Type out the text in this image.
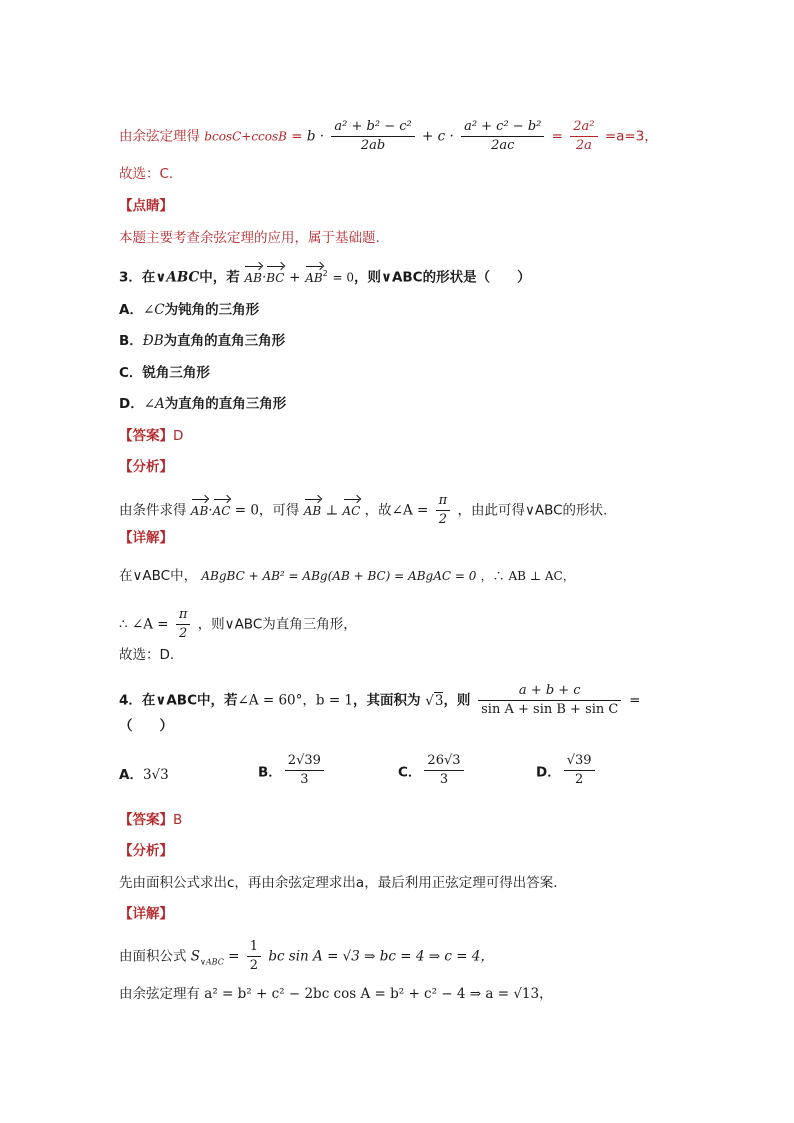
由余弦定理得 $bcosC+ccosB = b \cdot \frac{\text{a² + b² − c²}}{2ab} + c \cdot \frac{\text{a² + c² − b²}}{2ac} = \frac{\text{2a²}}{2a} =a=3$，
故选：C.
【点睛】
本题主要考查余弦定理的应用，属于基础题.
3．在∨ABC中，若 $AB\cdot BC + AB^2 = 0$，则∨ABC的形状是（　　）
A．∠C为钝角的三角形
B．ÐB为直角的直角三角形
C．锐角三角形
D．∠A为直角的直角三角形
【答案】D
【分析】
由条件求得 AB·AC = 0，可得 AB ⊥ AC ，故∠A = $\frac{\pi}{2}$ ，由此可得∨ABC的形状.
【详解】
在∨ABC中， ABgBC + AB² = ABg(AB + BC) = ABgAC = 0 ，∴ AB ⊥ AC，
∴ ∠A = $\frac{\pi}{2}$ ，则∨ABC为直角三角形，
故选：D.
4．在∨ABC中，若∠A = 60°，b = 1，其面积为 √3，则 $\frac{a + b + c}{\text{sin A + sin B + sin C}}$ =
（　　）
A．3√3	B． $\frac{2√39}{3}$	C． $\frac{26√3}{3}$	D． $\frac{√39}{2}$
【答案】B
【分析】
先由面积公式求出c，再由余弦定理求出a，最后利用正弦定理可得出答案.
【详解】
由面积公式 $S_{\vee ABC} = \frac{1}{2}$ bc sin A = √3 ⇒ bc = 4 ⇒ c = 4，
由余弦定理有 a² = b² + c² − 2bc cos A = b² + c² − 4 ⇒ a = √13，
